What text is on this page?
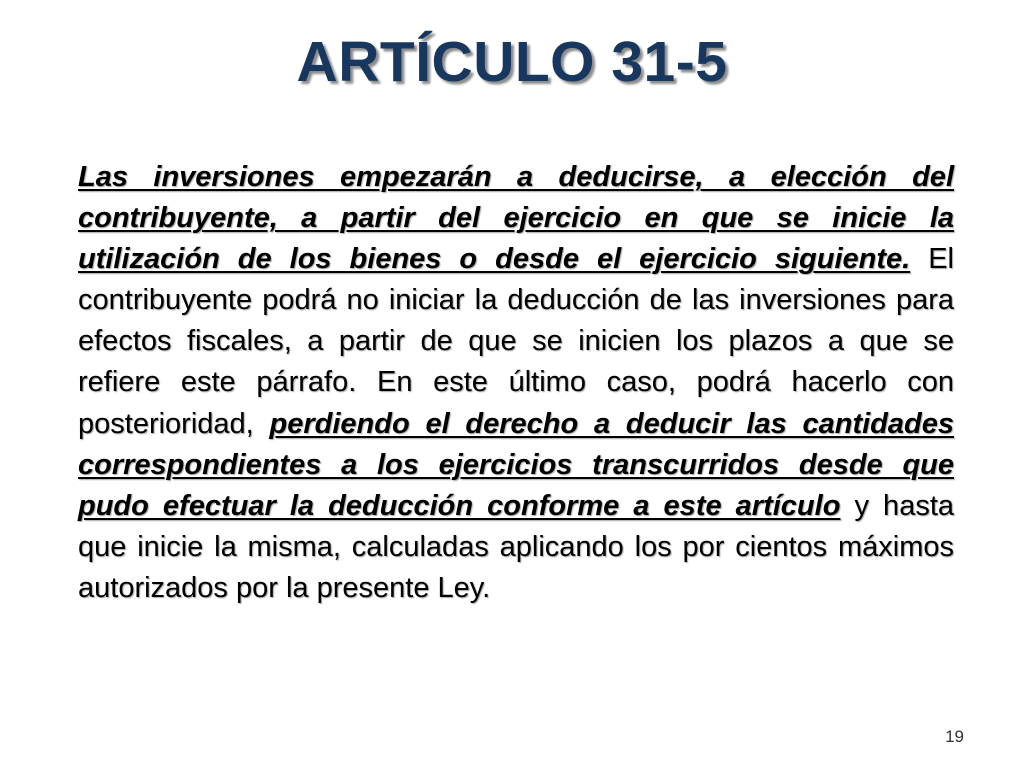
ARTÍCULO 31-5

Las inversiones empezarán a deducirse, a elección del contribuyente, a partir del ejercicio en que se inicie la utilización de los bienes o desde el ejercicio siguiente. El contribuyente podrá no iniciar la deducción de las inversiones para efectos fiscales, a partir de que se inicien los plazos a que se refiere este párrafo. En este último caso, podrá hacerlo con posterioridad, perdiendo el derecho a deducir las cantidades correspondientes a los ejercicios transcurridos desde que pudo efectuar la deducción conforme a este artículo y hasta que inicie la misma, calculadas aplicando los por cientos máximos autorizados por la presente Ley.

19
